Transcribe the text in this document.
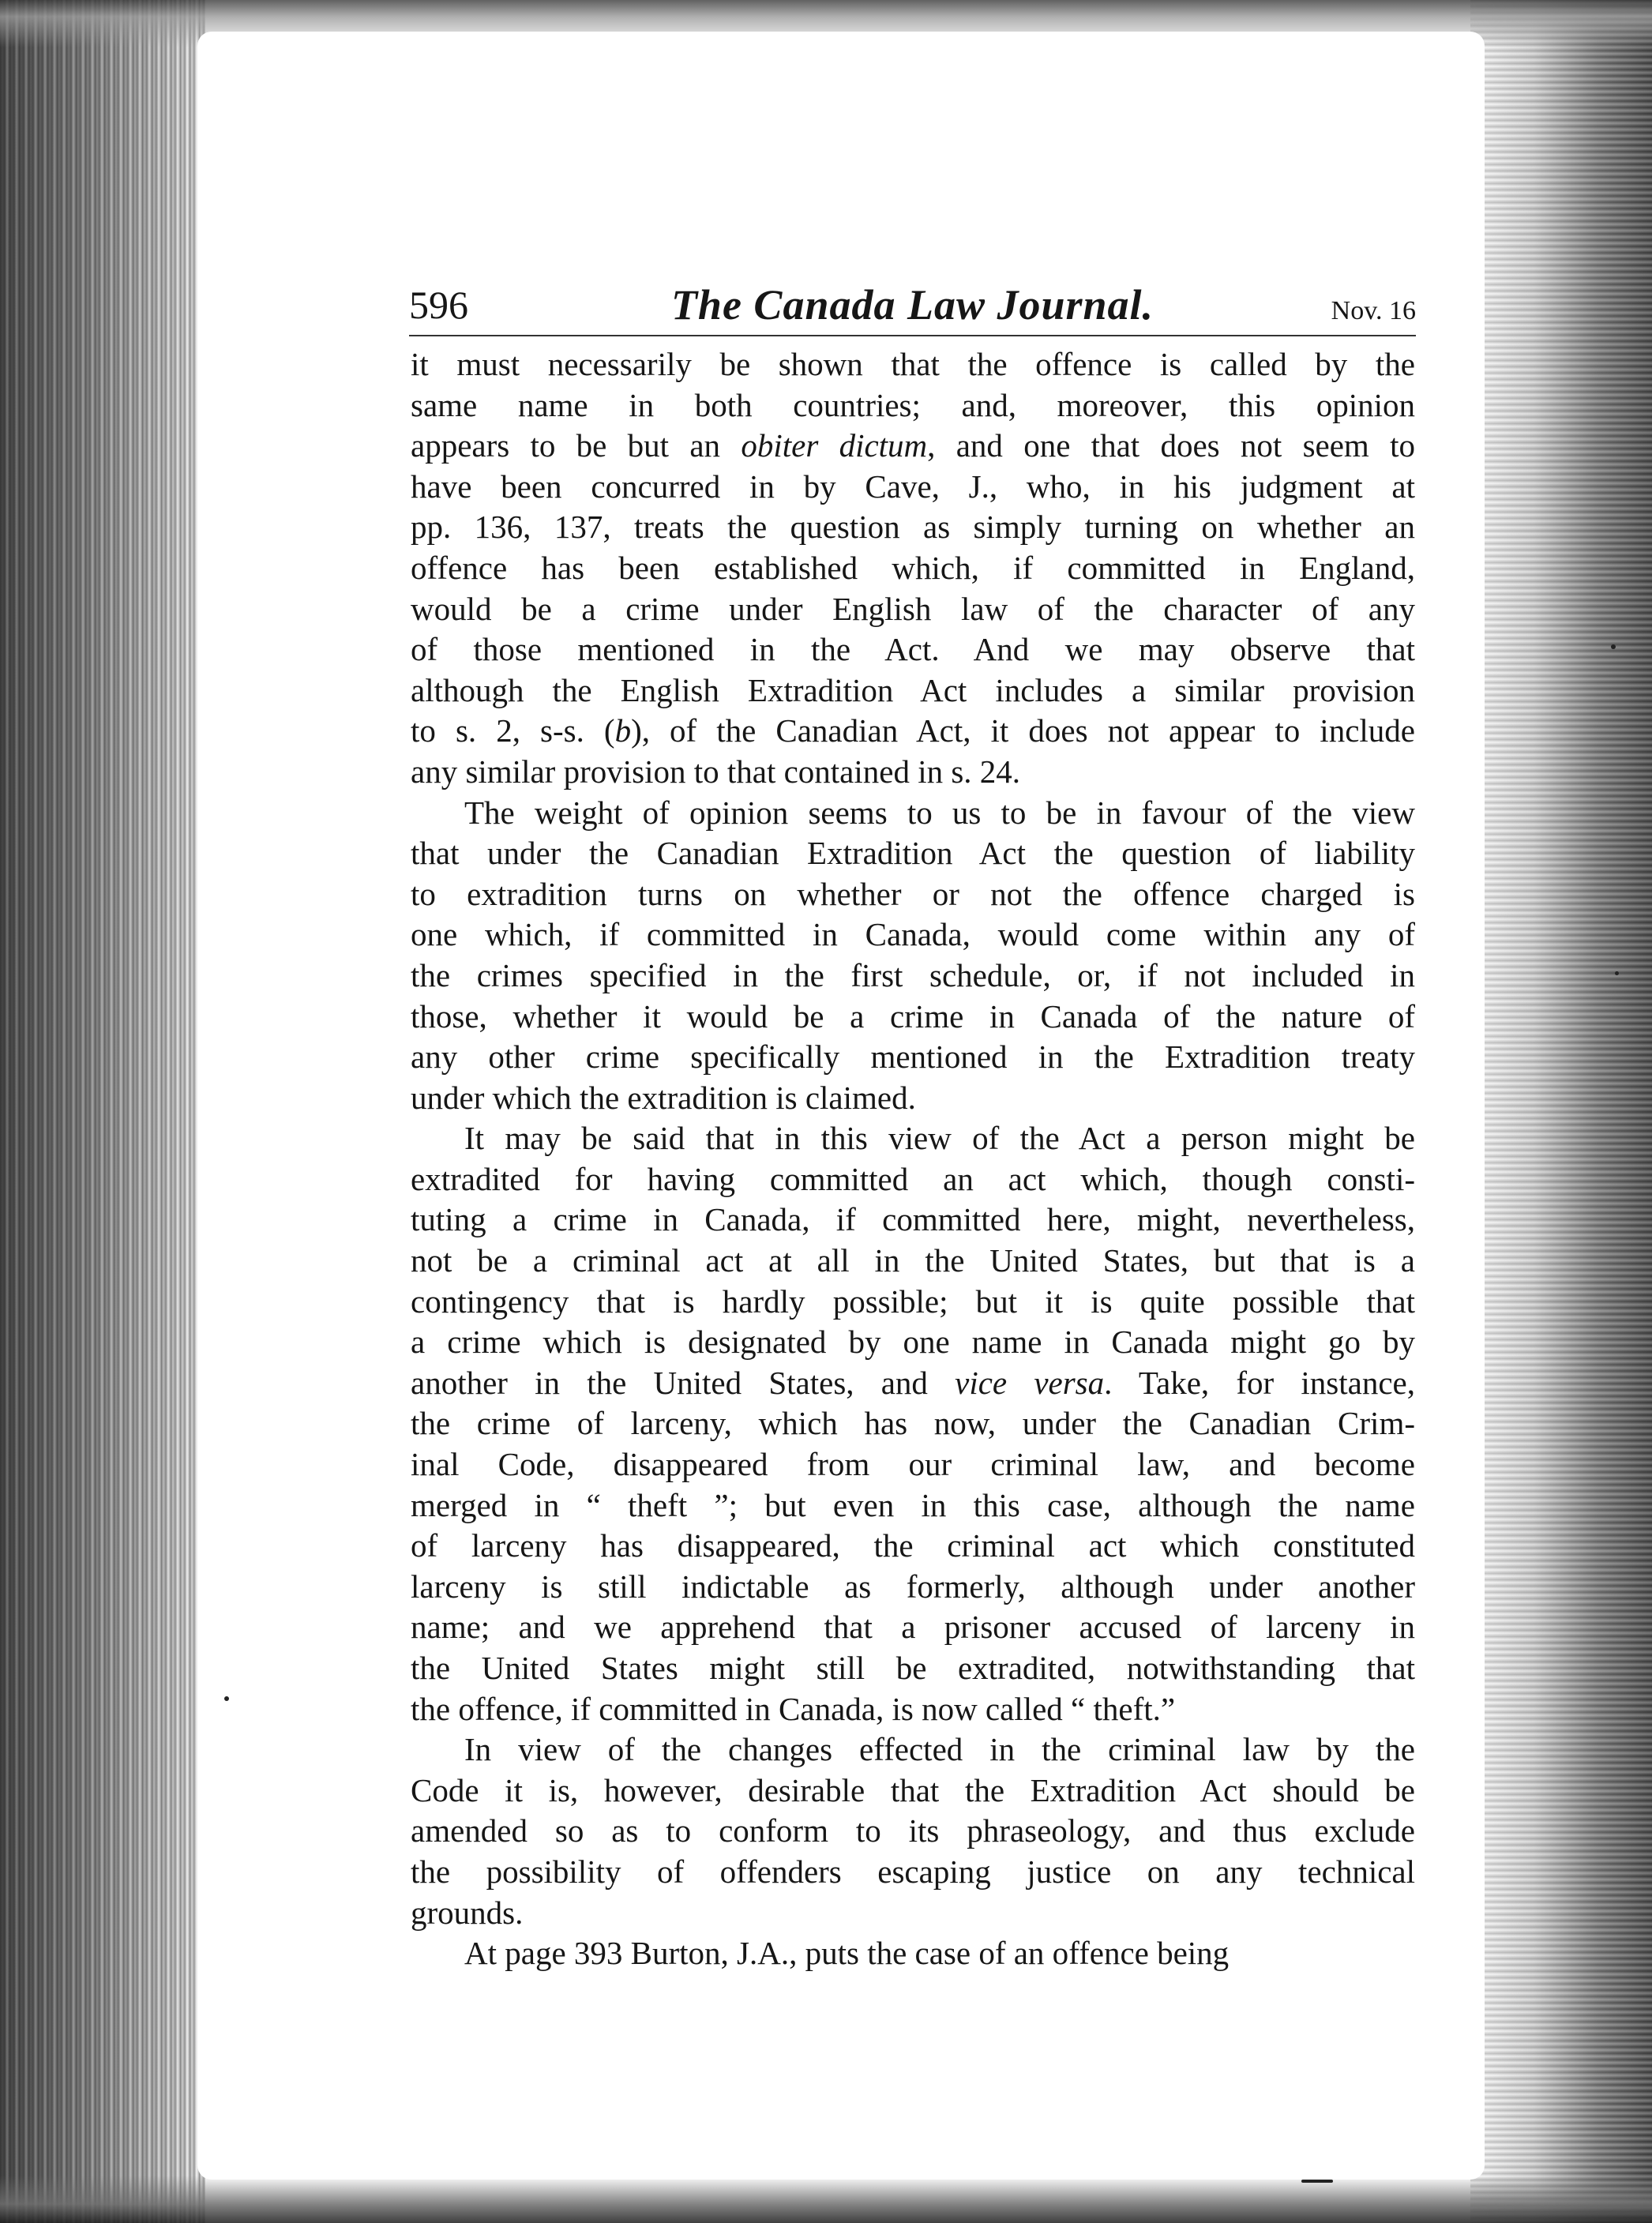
596	The Canada Law Journal.	Nov. 16
it must necessarily be shown that the offence is called by the
same name in both countries; and, moreover, this opinion
appears to be but an obiter dictum, and one that does not seem to
have been concurred in by Cave, J., who, in his judgment at
pp. 136, 137, treats the question as simply turning on whether an
offence has been established which, if committed in England,
would be a crime under English law of the character of any
of those mentioned in the Act. And we may observe that
although the English Extradition Act includes a similar provision
to s. 2, s-s. (b), of the Canadian Act, it does not appear to include
any similar provision to that contained in s. 24.
The weight of opinion seems to us to be in favour of the view
that under the Canadian Extradition Act the question of liability
to extradition turns on whether or not the offence charged is
one which, if committed in Canada, would come within any of
the crimes specified in the first schedule, or, if not included in
those, whether it would be a crime in Canada of the nature of
any other crime specifically mentioned in the Extradition treaty
under which the extradition is claimed.
It may be said that in this view of the Act a person might be
extradited for having committed an act which, though consti-
tuting a crime in Canada, if committed here, might, nevertheless,
not be a criminal act at all in the United States, but that is a
contingency that is hardly possible; but it is quite possible that
a crime which is designated by one name in Canada might go by
another in the United States, and vice versa. Take, for instance,
the crime of larceny, which has now, under the Canadian Crim-
inal Code, disappeared from our criminal law, and become
merged in “ theft ”; but even in this case, although the name
of larceny has disappeared, the criminal act which constituted
larceny is still indictable as formerly, although under another
name; and we apprehend that a prisoner accused of larceny in
the United States might still be extradited, notwithstanding that
the offence, if committed in Canada, is now called “ theft.”
In view of the changes effected in the criminal law by the
Code it is, however, desirable that the Extradition Act should be
amended so as to conform to its phraseology, and thus exclude
the possibility of offenders escaping justice on any technical
grounds.
At page 393 Burton, J.A., puts the case of an offence being
